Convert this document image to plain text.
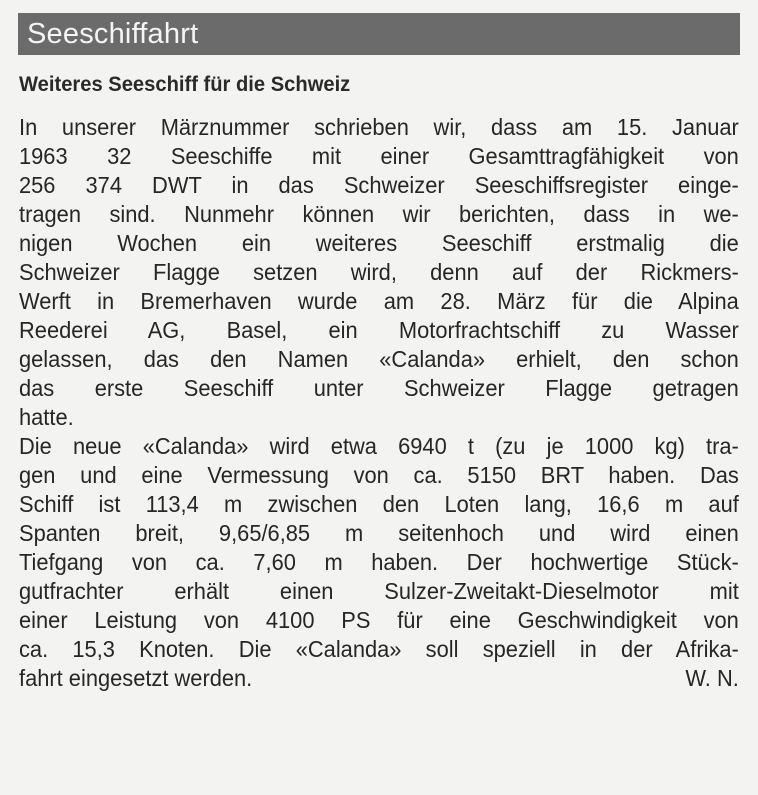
Seeschiffahrt
Weiteres Seeschiff für die Schweiz
In unserer Märznummer schrieben wir, dass am 15. Januar
1963 32 Seeschiffe mit einer Gesamttragfähigkeit von
256 374 DWT in das Schweizer Seeschiffsregister einge-
tragen sind. Nunmehr können wir berichten, dass in we-
nigen Wochen ein weiteres Seeschiff erstmalig die
Schweizer Flagge setzen wird, denn auf der Rickmers-
Werft in Bremerhaven wurde am 28. März für die Alpina
Reederei AG, Basel, ein Motorfrachtschiff zu Wasser
gelassen, das den Namen «Calanda» erhielt, den schon
das erste Seeschiff unter Schweizer Flagge getragen
hatte.
Die neue «Calanda» wird etwa 6940 t (zu je 1000 kg) tra-
gen und eine Vermessung von ca. 5150 BRT haben. Das
Schiff ist 113,4 m zwischen den Loten lang, 16,6 m auf
Spanten breit, 9,65/6,85 m seitenhoch und wird einen
Tiefgang von ca. 7,60 m haben. Der hochwertige Stück-
gutfrachter erhält einen Sulzer-Zweitakt-Dieselmotor mit
einer Leistung von 4100 PS für eine Geschwindigkeit von
ca. 15,3 Knoten. Die «Calanda» soll speziell in der Afrika-
fahrt eingesetzt werden.	W. N.
